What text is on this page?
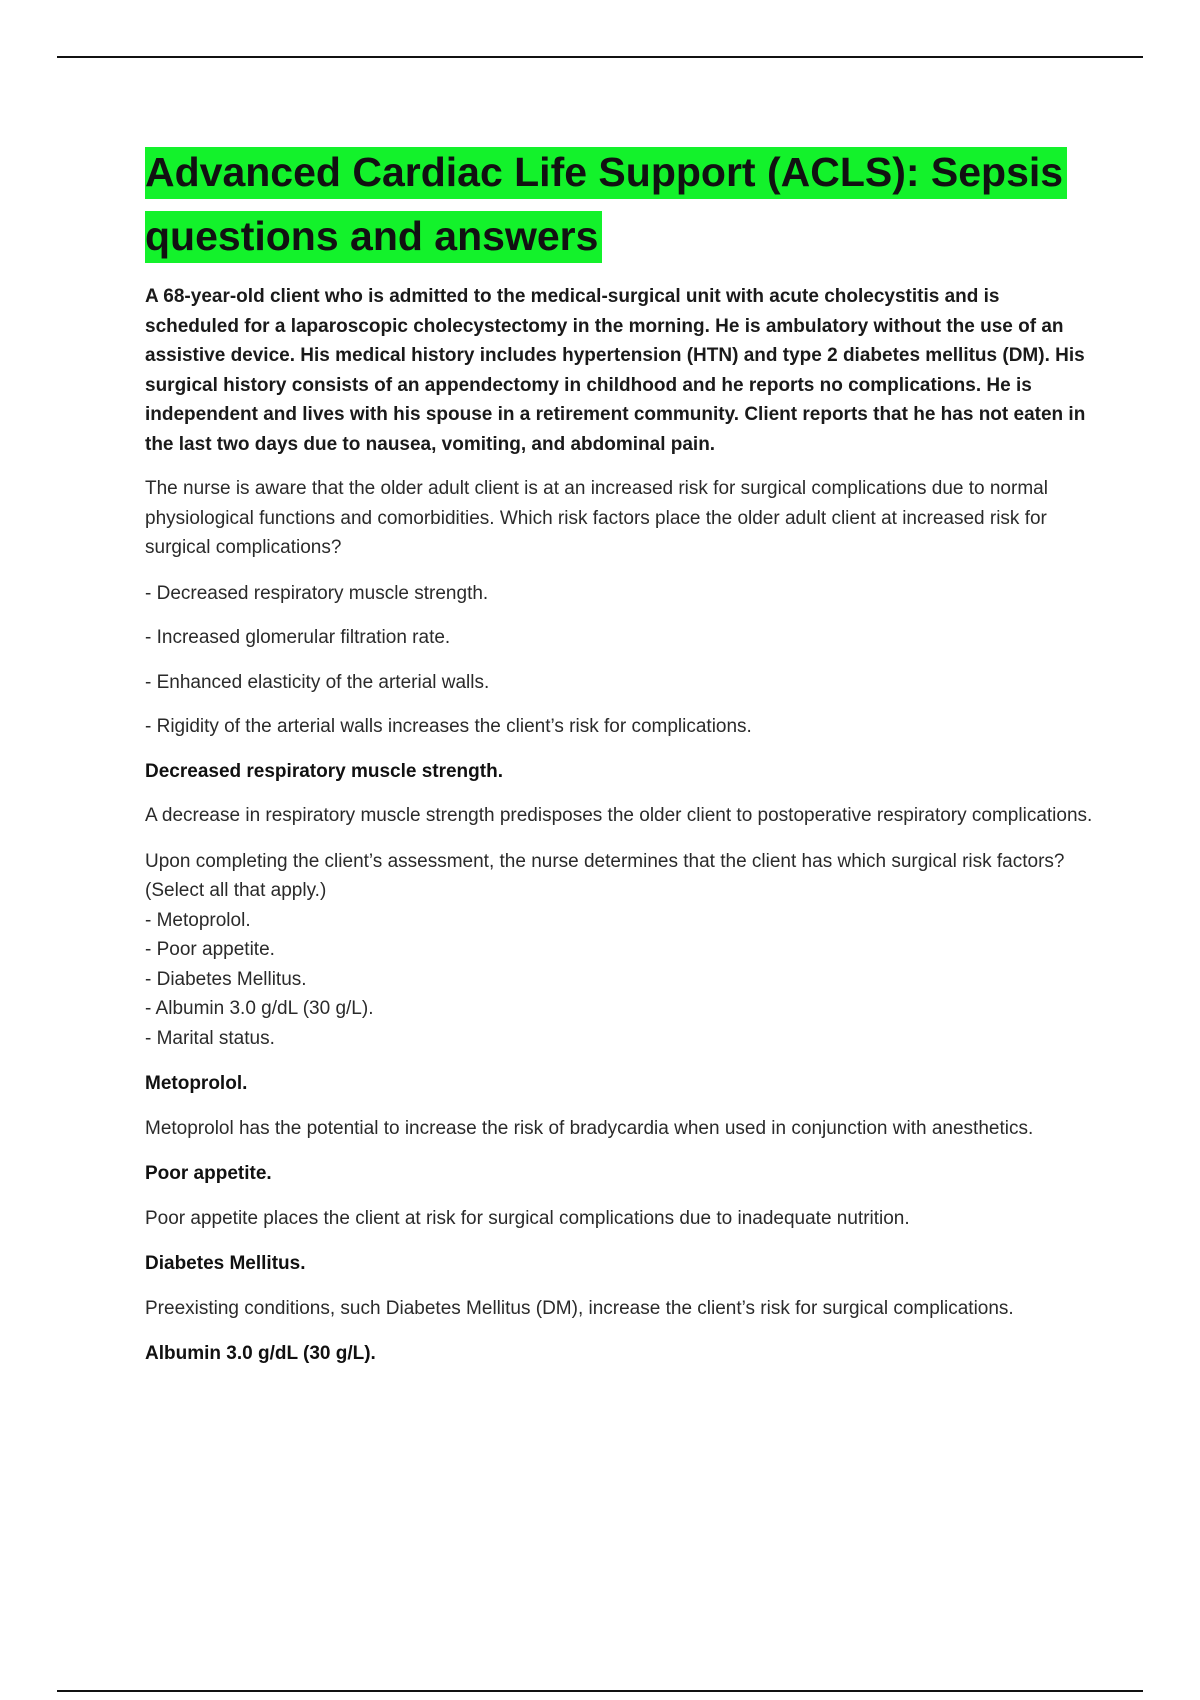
Advanced Cardiac Life Support (ACLS): Sepsis questions and answers

A 68-year-old client who is admitted to the medical-surgical unit with acute cholecystitis and is scheduled for a laparoscopic cholecystectomy in the morning. He is ambulatory without the use of an assistive device. His medical history includes hypertension (HTN) and type 2 diabetes mellitus (DM). His surgical history consists of an appendectomy in childhood and he reports no complications. He is independent and lives with his spouse in a retirement community. Client reports that he has not eaten in the last two days due to nausea, vomiting, and abdominal pain.

The nurse is aware that the older adult client is at an increased risk for surgical complications due to normal physiological functions and comorbidities. Which risk factors place the older adult client at increased risk for surgical complications?

- Decreased respiratory muscle strength.

- Increased glomerular filtration rate.

- Enhanced elasticity of the arterial walls.

- Rigidity of the arterial walls increases the client’s risk for complications.

Decreased respiratory muscle strength.

A decrease in respiratory muscle strength predisposes the older client to postoperative respiratory complications.

Upon completing the client’s assessment, the nurse determines that the client has which surgical risk factors? (Select all that apply.)

- Metoprolol.
- Poor appetite.
- Diabetes Mellitus.
- Albumin 3.0 g/dL (30 g/L).
- Marital status.

Metoprolol.

Metoprolol has the potential to increase the risk of bradycardia when used in conjunction with anesthetics.

Poor appetite.

Poor appetite places the client at risk for surgical complications due to inadequate nutrition.

Diabetes Mellitus.

Preexisting conditions, such Diabetes Mellitus (DM), increase the client’s risk for surgical complications.

Albumin 3.0 g/dL (30 g/L).
